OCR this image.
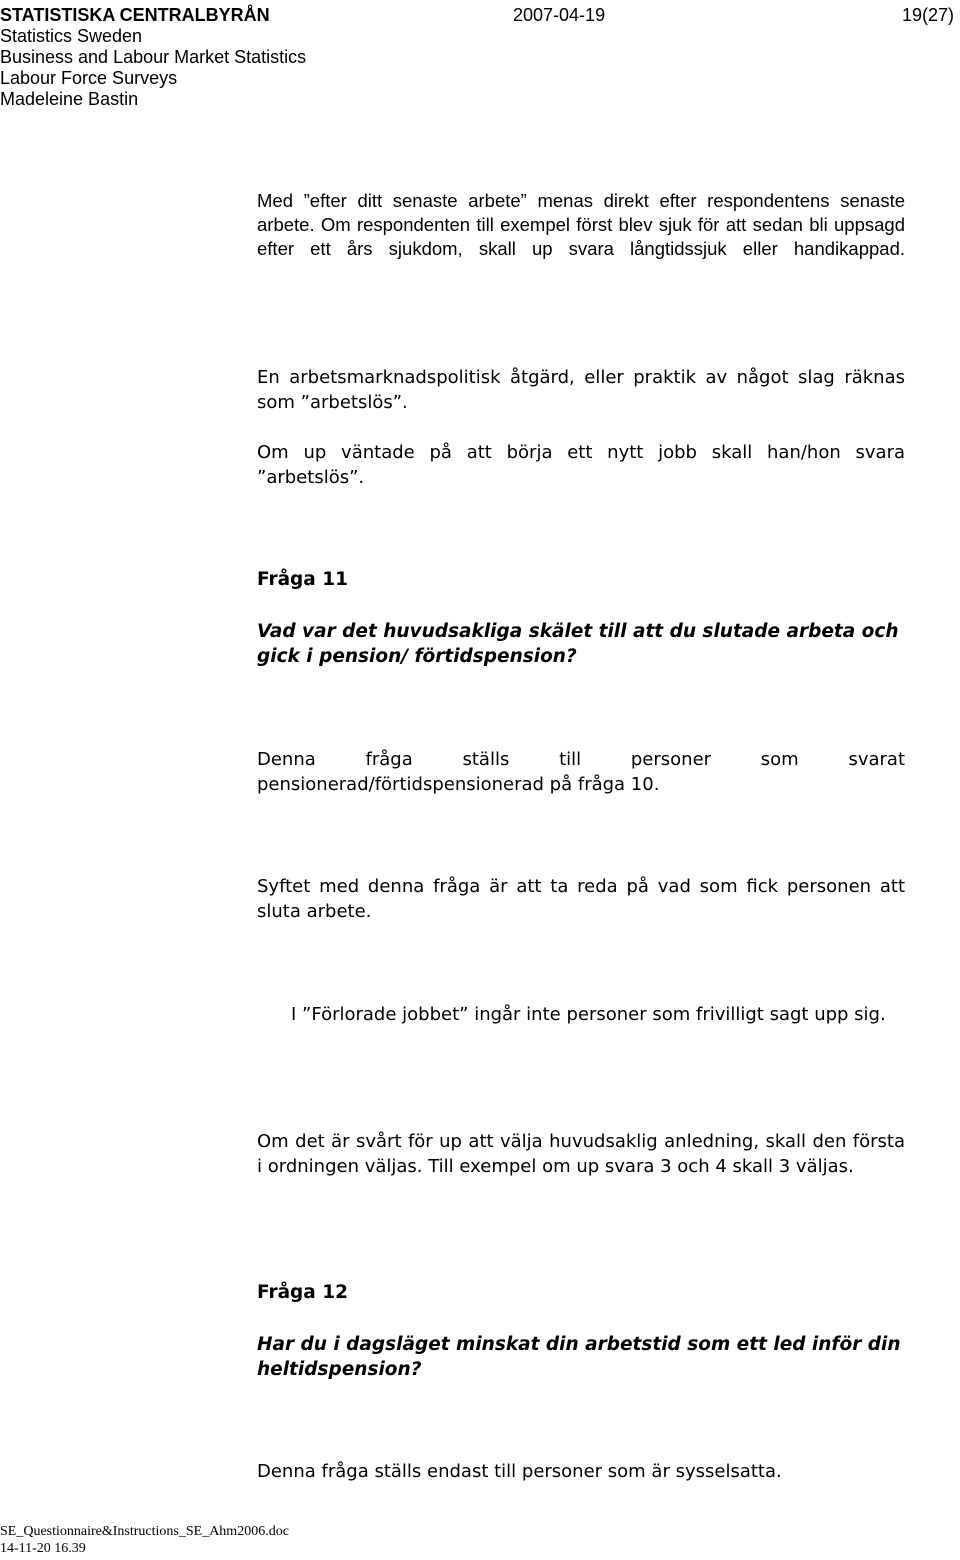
STATISTISKA CENTRALBYRÅN
Statistics Sweden
Business and Labour Market Statistics
Labour Force Surveys
Madeleine Bastin
2007-04-19	19(27)

Med ”efter ditt senaste arbete” menas direkt efter respondentens senaste arbete. Om respondenten till exempel först blev sjuk för att sedan bli uppsagd efter ett års sjukdom, skall up svara långtidssjuk eller handikappad.

En arbetsmarknadspolitisk åtgärd, eller praktik av något slag räknas som ”arbetslös”.

Om up väntade på att börja ett nytt jobb skall han/hon svara ”arbetslös”.

Fråga 11

Vad var det huvudsakliga skälet till att du slutade arbeta och gick i pension/ förtidspension?

Denna fråga ställs till personer som svarat pensionerad/förtidspensionerad på fråga 10.

Syftet med denna fråga är att ta reda på vad som fick personen att sluta arbete.

I ”Förlorade jobbet” ingår inte personer som frivilligt sagt upp sig.

Om det är svårt för up att välja huvudsaklig anledning, skall den första i ordningen väljas. Till exempel om up svara 3 och 4 skall 3 väljas.

Fråga 12

Har du i dagsläget minskat din arbetstid som ett led inför din heltidspension?

Denna fråga ställs endast till personer som är sysselsatta.

SE_Questionnaire&Instructions_SE_Ahm2006.doc
14-11-20 16.39
